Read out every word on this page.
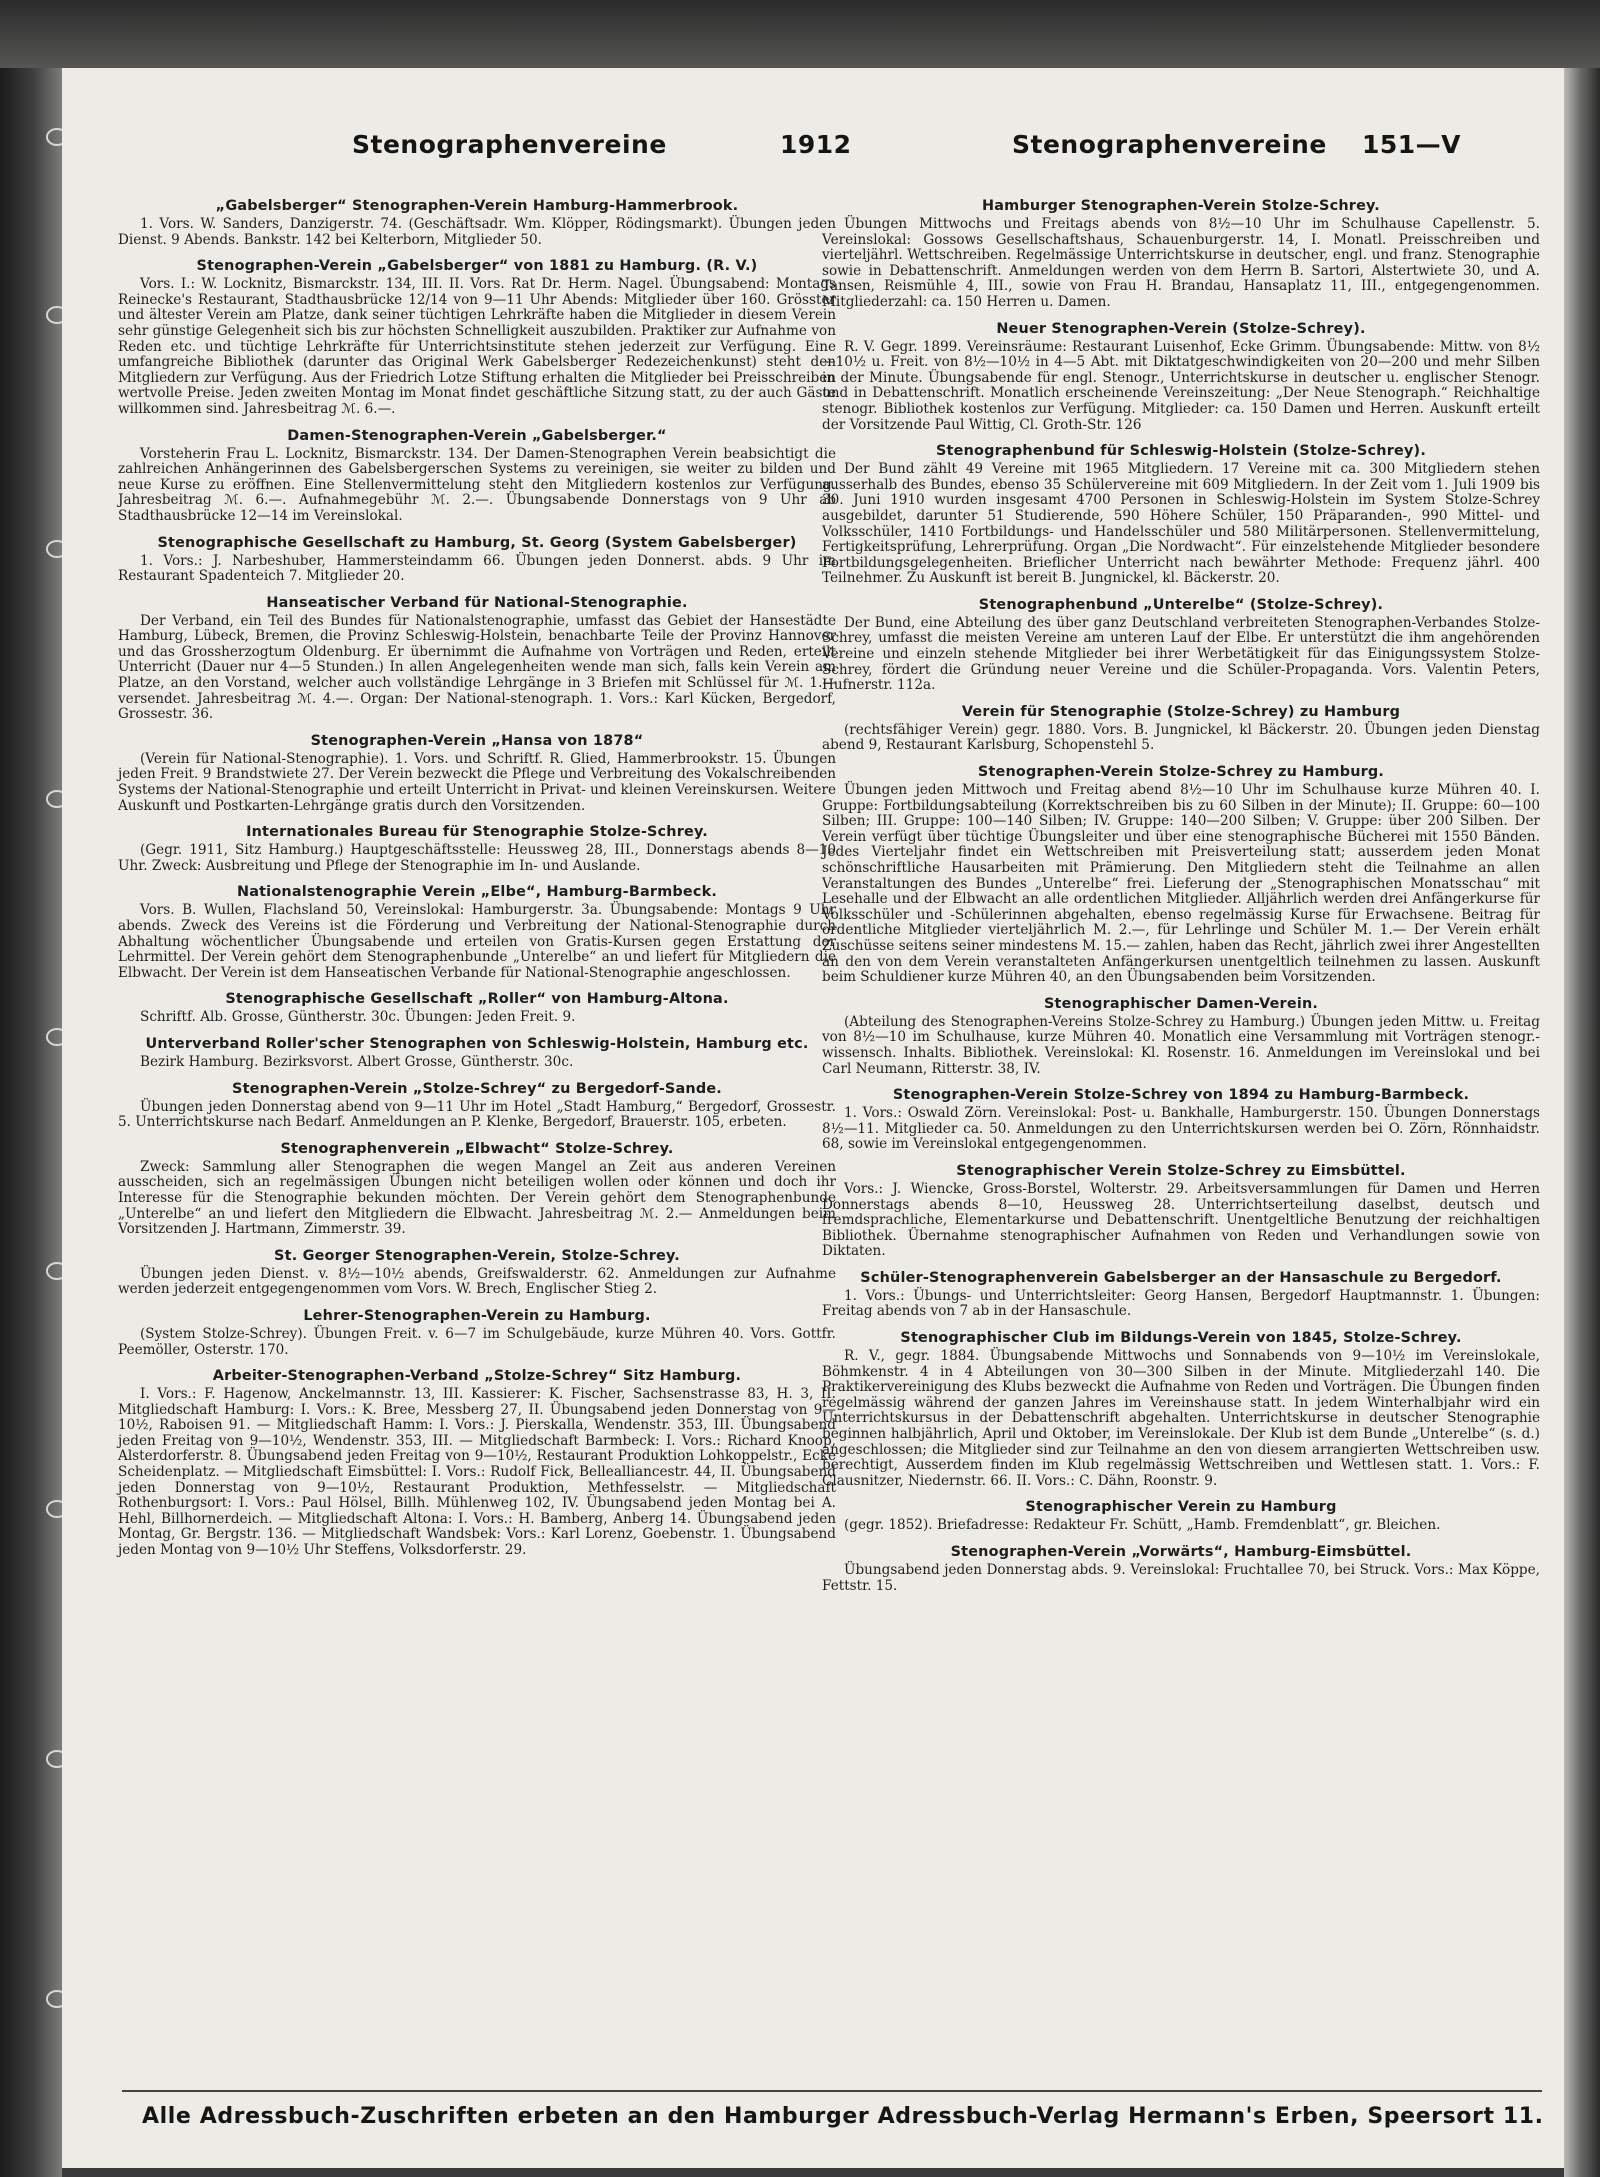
Stenographenvereine	1912	Stenographenvereine 151—V
„Gabelsberger“ Stenographen-Verein Hamburg-Hammerbrook.

1. Vors. W. Sanders, Danzigerstr. 74. (Geschäftsadr. Wm. Klöpper, Rödingsmarkt). Übungen jeden Dienst. 9 Abends. Bankstr. 142 bei Kelterborn, Mitglieder 50.

Stenographen-Verein „Gabelsberger“ von 1881 zu Hamburg. (R. V.)

Vors. I.: W. Locknitz, Bismarckstr. 134, III. II. Vors. Rat Dr. Herm. Nagel. Übungsabend: Montags Reinecke's Restaurant, Stadthausbrücke 12/14 von 9—11 Uhr Abends: Mitglieder über 160. Grösster und ältester Verein am Platze, dank seiner tüchtigen Lehrkräfte haben die Mitglieder in diesem Verein sehr günstige Gelegenheit sich bis zur höchsten Schnelligkeit auszubilden. Praktiker zur Aufnahme von Reden etc. und tüchtige Lehrkräfte für Unterrichtsinstitute stehen jederzeit zur Verfügung. Eine umfangreiche Bibliothek (darunter das Original Werk Gabelsberger Redezeichenkunst) steht den Mitgliedern zur Verfügung. Aus der Friedrich Lotze Stiftung erhalten die Mitglieder bei Preisschreiben wertvolle Preise. Jeden zweiten Montag im Monat findet geschäftliche Sitzung statt, zu der auch Gäste willkommen sind. Jahresbeitrag ℳ. 6.—.

Damen-Stenographen-Verein „Gabelsberger.“

Vorsteherin Frau L. Locknitz, Bismarckstr. 134. Der Damen-Stenographen Verein beabsichtigt die zahlreichen Anhängerinnen des Gabelsbergerschen Systems zu vereinigen, sie weiter zu bilden und neue Kurse zu eröffnen. Eine Stellenvermittelung steht den Mitgliedern kostenlos zur Verfügung. Jahresbeitrag ℳ. 6.—. Aufnahmegebühr ℳ. 2.—. Übungsabende Donnerstags von 9 Uhr ab Stadthausbrücke 12—14 im Vereinslokal.

Stenographische Gesellschaft zu Hamburg, St. Georg (System Gabelsberger)

1. Vors.: J. Narbeshuber, Hammersteindamm 66. Übungen jeden Donnerst. abds. 9 Uhr im Restaurant Spadenteich 7. Mitglieder 20.

Hanseatischer Verband für National-Stenographie.

Der Verband, ein Teil des Bundes für Nationalstenographie, umfasst das Gebiet der Hansestädte Hamburg, Lübeck, Bremen, die Provinz Schleswig-Holstein, benachbarte Teile der Provinz Hannover und das Grossherzogtum Oldenburg. Er übernimmt die Aufnahme von Vorträgen und Reden, erteilt Unterricht (Dauer nur 4—5 Stunden.) In allen Angelegenheiten wende man sich, falls kein Verein am Platze, an den Vorstand, welcher auch vollständige Lehrgänge in 3 Briefen mit Schlüssel für ℳ. 1.— versendet. Jahresbeitrag ℳ. 4.—. Organ: Der National-stenograph. 1. Vors.: Karl Kücken, Bergedorf, Grossestr. 36.

Stenographen-Verein „Hansa von 1878“

(Verein für National-Stenographie). 1. Vors. und Schriftf. R. Glied, Hammerbrookstr. 15. Übungen jeden Freit. 9 Brandstwiete 27. Der Verein bezweckt die Pflege und Verbreitung des Vokalschreibenden Systems der National-Stenographie und erteilt Unterricht in Privat- und kleinen Vereinskursen. Weitere Auskunft und Postkarten-Lehrgänge gratis durch den Vorsitzenden.

Internationales Bureau für Stenographie Stolze-Schrey.

(Gegr. 1911, Sitz Hamburg.) Hauptgeschäftsstelle: Heussweg 28, III., Donnerstags abends 8—10 Uhr. Zweck: Ausbreitung und Pflege der Stenographie im In- und Auslande.

Nationalstenographie Verein „Elbe“, Hamburg-Barmbeck.

Vors. B. Wullen, Flachsland 50, Vereinslokal: Hamburgerstr. 3a. Übungsabende: Montags 9 Uhr abends. Zweck des Vereins ist die Förderung und Verbreitung der National-Stenographie durch Abhaltung wöchentlicher Übungsabende und erteilen von Gratis-Kursen gegen Erstattung der Lehrmittel. Der Verein gehört dem Stenographenbunde „Unterelbe“ an und liefert für Mitgliedern die Elbwacht. Der Verein ist dem Hanseatischen Verbande für National-Stenographie angeschlossen.

Stenographische Gesellschaft „Roller“ von Hamburg-Altona.

Schriftf. Alb. Grosse, Güntherstr. 30c. Übungen: Jeden Freit. 9.

Unterverband Roller'scher Stenographen von Schleswig-Holstein, Hamburg etc.

Bezirk Hamburg. Bezirksvorst. Albert Grosse, Güntherstr. 30c.

Stenographen-Verein „Stolze-Schrey“ zu Bergedorf-Sande.

Übungen jeden Donnerstag abend von 9—11 Uhr im Hotel „Stadt Hamburg,“ Bergedorf, Grossestr. 5. Unterrichtskurse nach Bedarf. Anmeldungen an P. Klenke, Bergedorf, Brauerstr. 105, erbeten.

Stenographenverein „Elbwacht“ Stolze-Schrey.

Zweck: Sammlung aller Stenographen die wegen Mangel an Zeit aus anderen Vereinen ausscheiden, sich an regelmässigen Übungen nicht beteiligen wollen oder können und doch ihr Interesse für die Stenographie bekunden möchten. Der Verein gehört dem Stenographenbunde „Unterelbe“ an und liefert den Mitgliedern die Elbwacht. Jahresbeitrag ℳ. 2.— Anmeldungen beim Vorsitzenden J. Hartmann, Zimmerstr. 39.

St. Georger Stenographen-Verein, Stolze-Schrey.

Übungen jeden Dienst. v. 8½—10½ abends, Greifswalderstr. 62. Anmeldungen zur Aufnahme werden jederzeit entgegengenommen vom Vors. W. Brech, Englischer Stieg 2.

Lehrer-Stenographen-Verein zu Hamburg.

(System Stolze-Schrey). Übungen Freit. v. 6—7 im Schulgebäude, kurze Mühren 40. Vors. Gottfr. Peemöller, Osterstr. 170.

Arbeiter-Stenographen-Verband „Stolze-Schrey“ Sitz Hamburg.

I. Vors.: F. Hagenow, Anckelmannstr. 13, III. Kassierer: K. Fischer, Sachsenstrasse 83, H. 3, II. Mitgliedschaft Hamburg: I. Vors.: K. Bree, Messberg 27, II. Übungsabend jeden Donnerstag von 9—10½, Raboisen 91. — Mitgliedschaft Hamm: I. Vors.: J. Pierskalla, Wendenstr. 353, III. Übungsabend jeden Freitag von 9—10½, Wendenstr. 353, III. — Mitgliedschaft Barmbeck: I. Vors.: Richard Knoop, Alsterdorferstr. 8. Übungsabend jeden Freitag von 9—10½, Restaurant Produktion Lohkoppelstr., Ecke Scheidenplatz. — Mitgliedschaft Eimsbüttel: I. Vors.: Rudolf Fick, Bellealliancestr. 44, II. Übungsabend jeden Donnerstag von 9—10½, Restaurant Produktion, Methfesselstr. — Mitgliedschaft Rothenburgsort: I. Vors.: Paul Hölsel, Billh. Mühlenweg 102, IV. Übungsabend jeden Montag bei A. Hehl, Billhornerdeich. — Mitgliedschaft Altona: I. Vors.: H. Bamberg, Anberg 14. Übungsabend jeden Montag, Gr. Bergstr. 136. — Mitgliedschaft Wandsbek: Vors.: Karl Lorenz, Goebenstr. 1. Übungsabend jeden Montag von 9—10½ Uhr Steffens, Volksdorferstr. 29.

Hamburger Stenographen-Verein Stolze-Schrey.

Übungen Mittwochs und Freitags abends von 8½—10 Uhr im Schulhause Capellenstr. 5. Vereinslokal: Gossows Gesellschaftshaus, Schauenburgerstr. 14, I. Monatl. Preisschreiben und vierteljährl. Wettschreiben. Regelmässige Unterrichtskurse in deutscher, engl. und franz. Stenographie sowie in Debattenschrift. Anmeldungen werden von dem Herrn B. Sartori, Alstertwiete 30, und A. Tansen, Reismühle 4, III., sowie von Frau H. Brandau, Hansaplatz 11, III., entgegengenommen. Mitgliederzahl: ca. 150 Herren u. Damen.

Neuer Stenographen-Verein (Stolze-Schrey).

R. V. Gegr. 1899. Vereinsräume: Restaurant Luisenhof, Ecke Grimm. Übungsabende: Mittw. von 8½—10½ u. Freit. von 8½—10½ in 4—5 Abt. mit Diktatgeschwindigkeiten von 20—200 und mehr Silben in der Minute. Übungsabende für engl. Stenogr., Unterrichtskurse in deutscher u. englischer Stenogr. und in Debattenschrift. Monatlich erscheinende Vereinszeitung: „Der Neue Stenograph.“ Reichhaltige stenogr. Bibliothek kostenlos zur Verfügung. Mitglieder: ca. 150 Damen und Herren. Auskunft erteilt der Vorsitzende Paul Wittig, Cl. Groth-Str. 126

Stenographenbund für Schleswig-Holstein (Stolze-Schrey).

Der Bund zählt 49 Vereine mit 1965 Mitgliedern. 17 Vereine mit ca. 300 Mitgliedern stehen ausserhalb des Bundes, ebenso 35 Schülervereine mit 609 Mitgliedern. In der Zeit vom 1. Juli 1909 bis 30. Juni 1910 wurden insgesamt 4700 Personen in Schleswig-Holstein im System Stolze-Schrey ausgebildet, darunter 51 Studierende, 590 Höhere Schüler, 150 Präparanden-, 990 Mittel- und Volksschüler, 1410 Fortbildungs- und Handelsschüler und 580 Militärpersonen. Stellenvermittelung, Fertigkeitsprüfung, Lehrerprüfung. Organ „Die Nordwacht“. Für einzelstehende Mitglieder besondere Fortbildungsgelegenheiten. Brieflicher Unterricht nach bewährter Methode: Frequenz jährl. 400 Teilnehmer. Zu Auskunft ist bereit B. Jungnickel, kl. Bäckerstr. 20.

Stenographenbund „Unterelbe“ (Stolze-Schrey).

Der Bund, eine Abteilung des über ganz Deutschland verbreiteten Stenographen-Verbandes Stolze-Schrey, umfasst die meisten Vereine am unteren Lauf der Elbe. Er unterstützt die ihm angehörenden Vereine und einzeln stehende Mitglieder bei ihrer Werbetätigkeit für das Einigungssystem Stolze-Schrey, fördert die Gründung neuer Vereine und die Schüler-Propaganda. Vors. Valentin Peters, Hufnerstr. 112a.

Verein für Stenographie (Stolze-Schrey) zu Hamburg

(rechtsfähiger Verein) gegr. 1880. Vors. B. Jungnickel, kl Bäckerstr. 20. Übungen jeden Dienstag abend 9, Restaurant Karlsburg, Schopenstehl 5.

Stenographen-Verein Stolze-Schrey zu Hamburg.

Übungen jeden Mittwoch und Freitag abend 8½—10 Uhr im Schulhause kurze Mühren 40. I. Gruppe: Fortbildungsabteilung (Korrektschreiben bis zu 60 Silben in der Minute); II. Gruppe: 60—100 Silben; III. Gruppe: 100—140 Silben; IV. Gruppe: 140—200 Silben; V. Gruppe: über 200 Silben. Der Verein verfügt über tüchtige Übungsleiter und über eine stenographische Bücherei mit 1550 Bänden. Jedes Vierteljahr findet ein Wettschreiben mit Preisverteilung statt; ausserdem jeden Monat schönschriftliche Hausarbeiten mit Prämierung. Den Mitgliedern steht die Teilnahme an allen Veranstaltungen des Bundes „Unterelbe“ frei. Lieferung der „Stenographischen Monatsschau“ mit Lesehalle und der Elbwacht an alle ordentlichen Mitglieder. Alljährlich werden drei Anfängerkurse für Volksschüler und -Schülerinnen abgehalten, ebenso regelmässig Kurse für Erwachsene. Beitrag für ordentliche Mitglieder vierteljährlich M. 2.—, für Lehrlinge und Schüler M. 1.— Der Verein erhält Zuschüsse seitens seiner mindestens M. 15.— zahlen, haben das Recht, jährlich zwei ihrer Angestellten an den von dem Verein veranstalteten Anfängerkursen unentgeltlich teilnehmen zu lassen. Auskunft beim Schuldiener kurze Mühren 40, an den Übungsabenden beim Vorsitzenden.

Stenographischer Damen-Verein.

(Abteilung des Stenographen-Vereins Stolze-Schrey zu Hamburg.) Übungen jeden Mittw. u. Freitag von 8½—10 im Schulhause, kurze Mühren 40. Monatlich eine Versammlung mit Vorträgen stenogr.-wissensch. Inhalts. Bibliothek. Vereinslokal: Kl. Rosenstr. 16. Anmeldungen im Vereinslokal und bei Carl Neumann, Ritterstr. 38, IV.

Stenographen-Verein Stolze-Schrey von 1894 zu Hamburg-Barmbeck.

1. Vors.: Oswald Zörn. Vereinslokal: Post- u. Bankhalle, Hamburgerstr. 150. Übungen Donnerstags 8½—11. Mitglieder ca. 50. Anmeldungen zu den Unterrichtskursen werden bei O. Zörn, Rönnhaidstr. 68, sowie im Vereinslokal entgegengenommen.

Stenographischer Verein Stolze-Schrey zu Eimsbüttel.

Vors.: J. Wiencke, Gross-Borstel, Wolterstr. 29. Arbeitsversammlungen für Damen und Herren Donnerstags abends 8—10, Heussweg 28. Unterrichtserteilung daselbst, deutsch und fremdsprachliche, Elementarkurse und Debattenschrift. Unentgeltliche Benutzung der reichhaltigen Bibliothek. Übernahme stenographischer Aufnahmen von Reden und Verhandlungen sowie von Diktaten.

Schüler-Stenographenverein Gabelsberger an der Hansaschule zu Bergedorf.

1. Vors.: Übungs- und Unterrichtsleiter: Georg Hansen, Bergedorf Hauptmannstr. 1. Übungen: Freitag abends von 7 ab in der Hansaschule.

Stenographischer Club im Bildungs-Verein von 1845, Stolze-Schrey.

R. V., gegr. 1884. Übungsabende Mittwochs und Sonnabends von 9—10½ im Vereinslokale, Böhmkenstr. 4 in 4 Abteilungen von 30—300 Silben in der Minute. Mitgliederzahl 140. Die Praktikervereinigung des Klubs bezweckt die Aufnahme von Reden und Vorträgen. Die Übungen finden regelmässig während der ganzen Jahres im Vereinshause statt. In jedem Winterhalbjahr wird ein Unterrichtskursus in der Debattenschrift abgehalten. Unterrichtskurse in deutscher Stenographie beginnen halbjährlich, April und Oktober, im Vereinslokale. Der Klub ist dem Bunde „Unterelbe“ (s. d.) angeschlossen; die Mitglieder sind zur Teilnahme an den von diesem arrangierten Wettschreiben usw. berechtigt, Ausserdem finden im Klub regelmässig Wettschreiben und Wettlesen statt. 1. Vors.: F. Clausnitzer, Niedernstr. 66. II. Vors.: C. Dähn, Roonstr. 9.

Stenographischer Verein zu Hamburg

(gegr. 1852). Briefadresse: Redakteur Fr. Schütt, „Hamb. Fremdenblatt“, gr. Bleichen.

Stenographen-Verein „Vorwärts“, Hamburg-Eimsbüttel.

Übungsabend jeden Donnerstag abds. 9. Vereinslokal: Fruchtallee 70, bei Struck. Vors.: Max Köppe, Fettstr. 15.

Alle Adressbuch-Zuschriften erbeten an den Hamburger Adressbuch-Verlag Hermann's Erben, Speersort 11.
